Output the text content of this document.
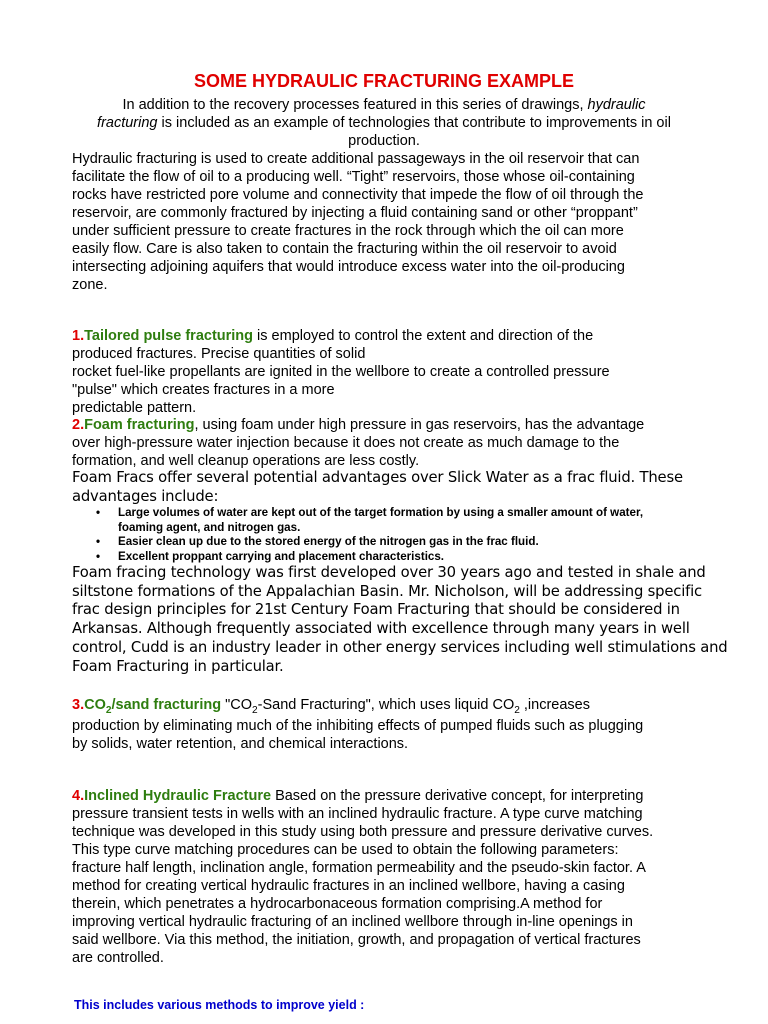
SOME HYDRAULIC FRACTURING EXAMPLE
In addition to the recovery processes featured in this series of drawings, hydraulic
fracturing is included as an example of technologies that contribute to improvements in oil
production.
Hydraulic fracturing is used to create additional passageways in the oil reservoir that can
facilitate the flow of oil to a producing well. “Tight” reservoirs, those whose oil-containing
rocks have restricted pore volume and connectivity that impede the flow of oil through the
reservoir, are commonly fractured by injecting a fluid containing sand or other “proppant”
under sufficient pressure to create fractures in the rock through which the oil can more
easily flow. Care is also taken to contain the fracturing within the oil reservoir to avoid
intersecting adjoining aquifers that would introduce excess water into the oil-producing
zone.
1.Tailored pulse fracturing is employed to control the extent and direction of the
produced fractures. Precise quantities of solid
rocket fuel-like propellants are ignited in the wellbore to create a controlled pressure
"pulse" which creates fractures in a more
predictable pattern.
2.Foam fracturing, using foam under high pressure in gas reservoirs, has the advantage
over high-pressure water injection because it does not create as much damage to the
formation, and well cleanup operations are less costly.
Foam Fracs offer several potential advantages over Slick Water as a frac fluid. These
advantages include:
• Large volumes of water are kept out of the target formation by using a smaller amount of water,
foaming agent, and nitrogen gas.
• Easier clean up due to the stored energy of the nitrogen gas in the frac fluid.
• Excellent proppant carrying and placement characteristics.
Foam fracing technology was first developed over 30 years ago and tested in shale and
siltstone formations of the Appalachian Basin. Mr. Nicholson, will be addressing specific
frac design principles for 21st Century Foam Fracturing that should be considered in
Arkansas. Although frequently associated with excellence through many years in well
control, Cudd is an industry leader in other energy services including well stimulations and
Foam Fracturing in particular.
$3.CO_2$/sand fracturing "$CO_2$-Sand Fracturing", which uses liquid $CO_2$ ,increases
production by eliminating much of the inhibiting effects of pumped fluids such as plugging
by solids, water retention, and chemical interactions.
4.Inclined Hydraulic Fracture Based on the pressure derivative concept, for interpreting
pressure transient tests in wells with an inclined hydraulic fracture. A type curve matching
technique was developed in this study using both pressure and pressure derivative curves.
This type curve matching procedures can be used to obtain the following parameters:
fracture half length, inclination angle, formation permeability and the pseudo-skin factor. A
method for creating vertical hydraulic fractures in an inclined wellbore, having a casing
therein, which penetrates a hydrocarbonaceous formation comprising.A method for
improving vertical hydraulic fracturing of an inclined wellbore through in-line openings in
said wellbore. Via this method, the initiation, growth, and propagation of vertical fractures
are controlled.
This includes various methods to improve yield :
